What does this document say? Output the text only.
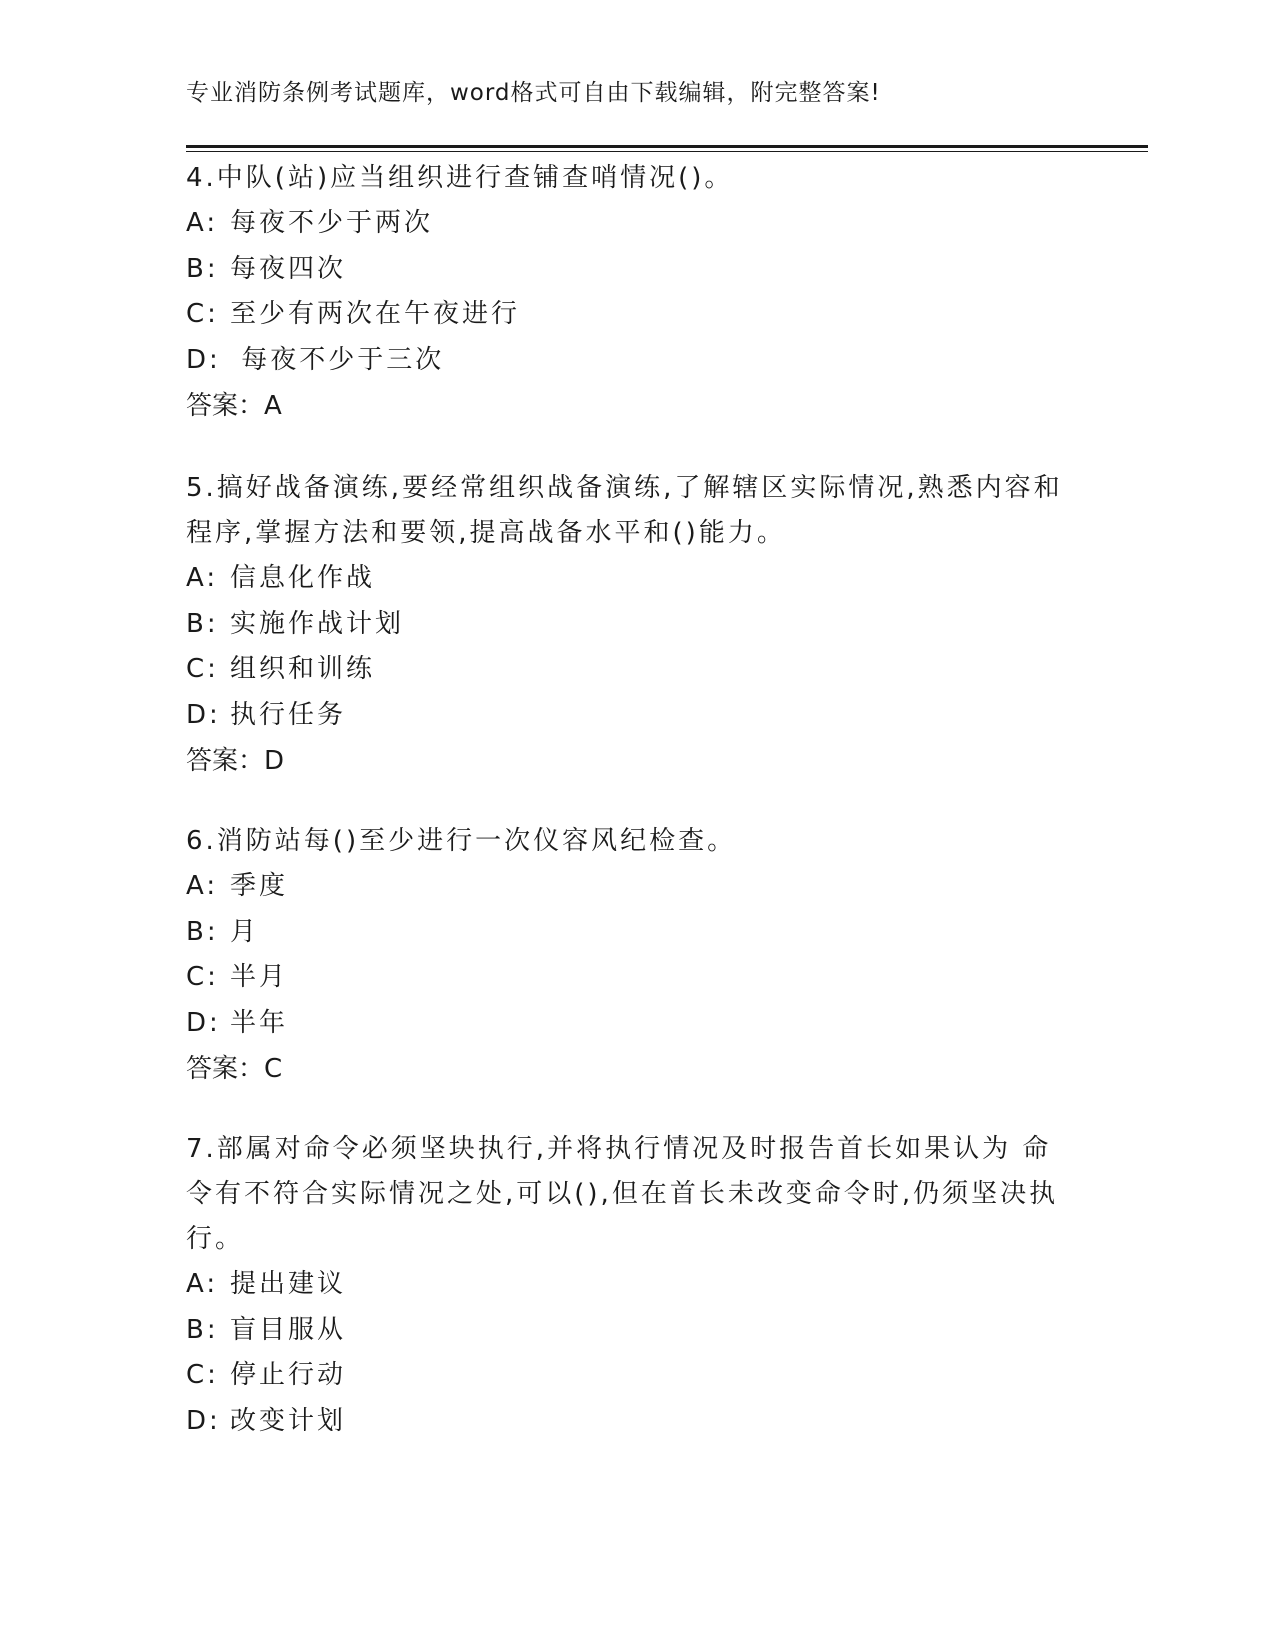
专业消防条例考试题库，word格式可自由下载编辑，附完整答案!

4.中队(站)应当组织进行查铺查哨情况()。

A: 每夜不少于两次

B: 每夜四次

C: 至少有两次在午夜进行

D: 每夜不少于三次

答案：A

5.搞好战备演练,要经常组织战备演练,了解辖区实际情况,熟悉内容和程序,掌握方法和要领,提高战备水平和()能力。

A: 信息化作战

B: 实施作战计划

C: 组织和训练

D: 执行任务

答案：D

6.消防站每()至少进行一次仪容风纪检查。

A: 季度

B: 月

C: 半月

D: 半年

答案：C

7.部属对命令必须坚块执行,并将执行情况及时报告首长如果认为 命令有不符合实际情况之处,可以(),但在首长未改变命令时,仍须坚决执行。

A: 提出建议

B: 盲目服从

C: 停止行动

D: 改变计划
